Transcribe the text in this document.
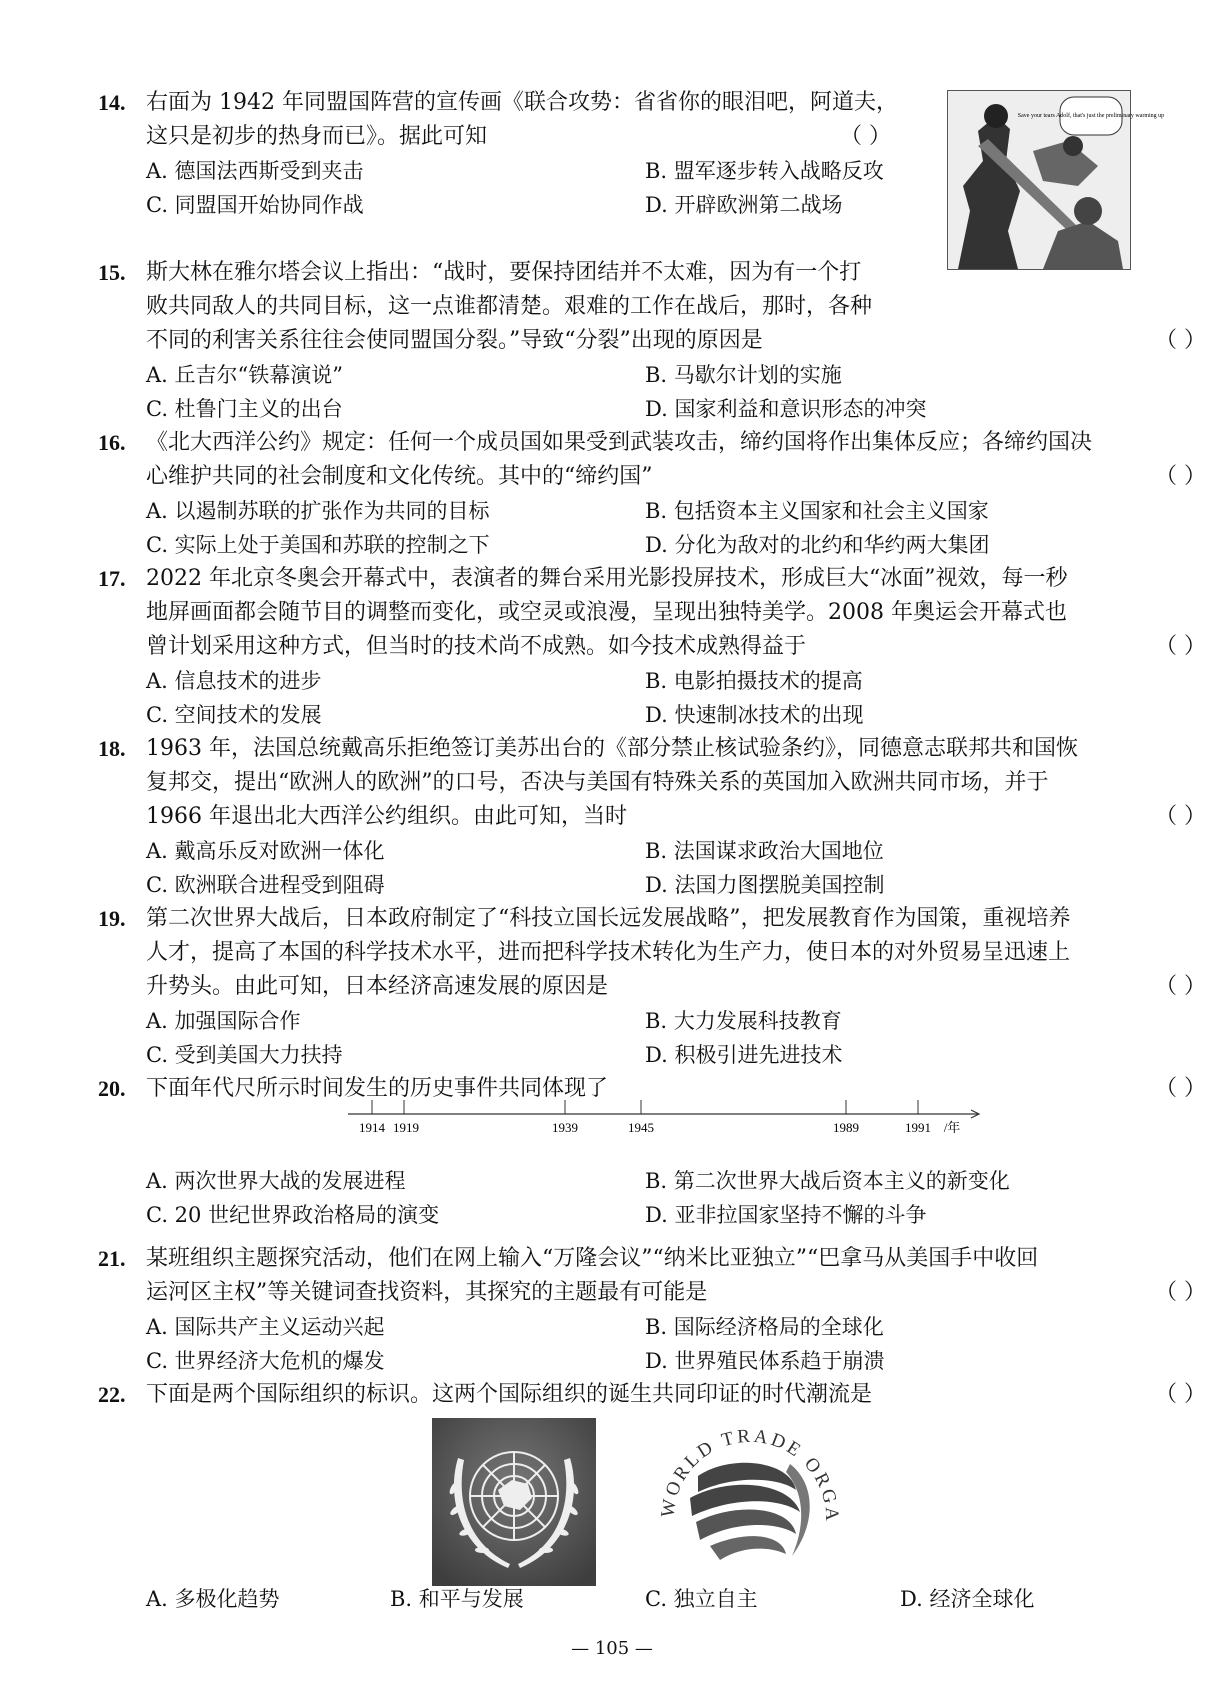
14. 右面为 1942 年同盟国阵营的宣传画《联合攻势：省省你的眼泪吧，阿道夫，
这只是初步的热身而已》。据此可知	（ ）
A. 德国法西斯受到夹击	B. 盟军逐步转入战略反攻
C. 同盟国开始协同作战	D. 开辟欧洲第二战场
Save your tears Adolf, that's just the preliminary warming up
15. 斯大林在雅尔塔会议上指出：“战时，要保持团结并不太难，因为有一个打
败共同敌人的共同目标，这一点谁都清楚。艰难的工作在战后，那时，各种
不同的利害关系往往会使同盟国分裂。”导致“分裂”出现的原因是	（ ）
A. 丘吉尔“铁幕演说”	B. 马歇尔计划的实施
C. 杜鲁门主义的出台	D. 国家利益和意识形态的冲突
16. 《北大西洋公约》规定：任何一个成员国如果受到武装攻击，缔约国将作出集体反应；各缔约国决
心维护共同的社会制度和文化传统。其中的“缔约国”	（ ）
A. 以遏制苏联的扩张作为共同的目标	B. 包括资本主义国家和社会主义国家
C. 实际上处于美国和苏联的控制之下	D. 分化为敌对的北约和华约两大集团
17. 2022 年北京冬奥会开幕式中，表演者的舞台采用光影投屏技术，形成巨大“冰面”视效，每一秒
地屏画面都会随节目的调整而变化，或空灵或浪漫，呈现出独特美学。2008 年奥运会开幕式也
曾计划采用这种方式，但当时的技术尚不成熟。如今技术成熟得益于	（ ）
A. 信息技术的进步	B. 电影拍摄技术的提高
C. 空间技术的发展	D. 快速制冰技术的出现
18. 1963 年，法国总统戴高乐拒绝签订美苏出台的《部分禁止核试验条约》，同德意志联邦共和国恢
复邦交，提出“欧洲人的欧洲”的口号，否决与美国有特殊关系的英国加入欧洲共同市场，并于
1966 年退出北大西洋公约组织。由此可知，当时	（ ）
A. 戴高乐反对欧洲一体化	B. 法国谋求政治大国地位
C. 欧洲联合进程受到阻碍	D. 法国力图摆脱美国控制
19. 第二次世界大战后，日本政府制定了“科技立国长远发展战略”，把发展教育作为国策，重视培养
人才，提高了本国的科学技术水平，进而把科学技术转化为生产力，使日本的对外贸易呈迅速上
升势头。由此可知，日本经济高速发展的原因是	（ ）
A. 加强国际合作	B. 大力发展科技教育
C. 受到美国大力扶持	D. 积极引进先进技术
20. 下面年代尺所示时间发生的历史事件共同体现了	（ ）
A. 两次世界大战的发展进程	B. 第二次世界大战后资本主义的新变化
C. 20 世纪世界政治格局的演变	D. 亚非拉国家坚持不懈的斗争
1914 1919	1939	1945	1989	1991 /年
21. 某班组织主题探究活动，他们在网上输入“万隆会议”“纳米比亚独立”“巴拿马从美国手中收回
运河区主权”等关键词查找资料，其探究的主题最有可能是	（ ）
A. 国际共产主义运动兴起	B. 国际经济格局的全球化
C. 世界经济大危机的爆发	D. 世界殖民体系趋于崩溃
22. 下面是两个国际组织的标识。这两个国际组织的诞生共同印证的时代潮流是	（ ）
A. 多极化趋势	B. 和平与发展	C. 独立自主	D. 经济全球化
WORLD TRADE ORGA
— 105 —
